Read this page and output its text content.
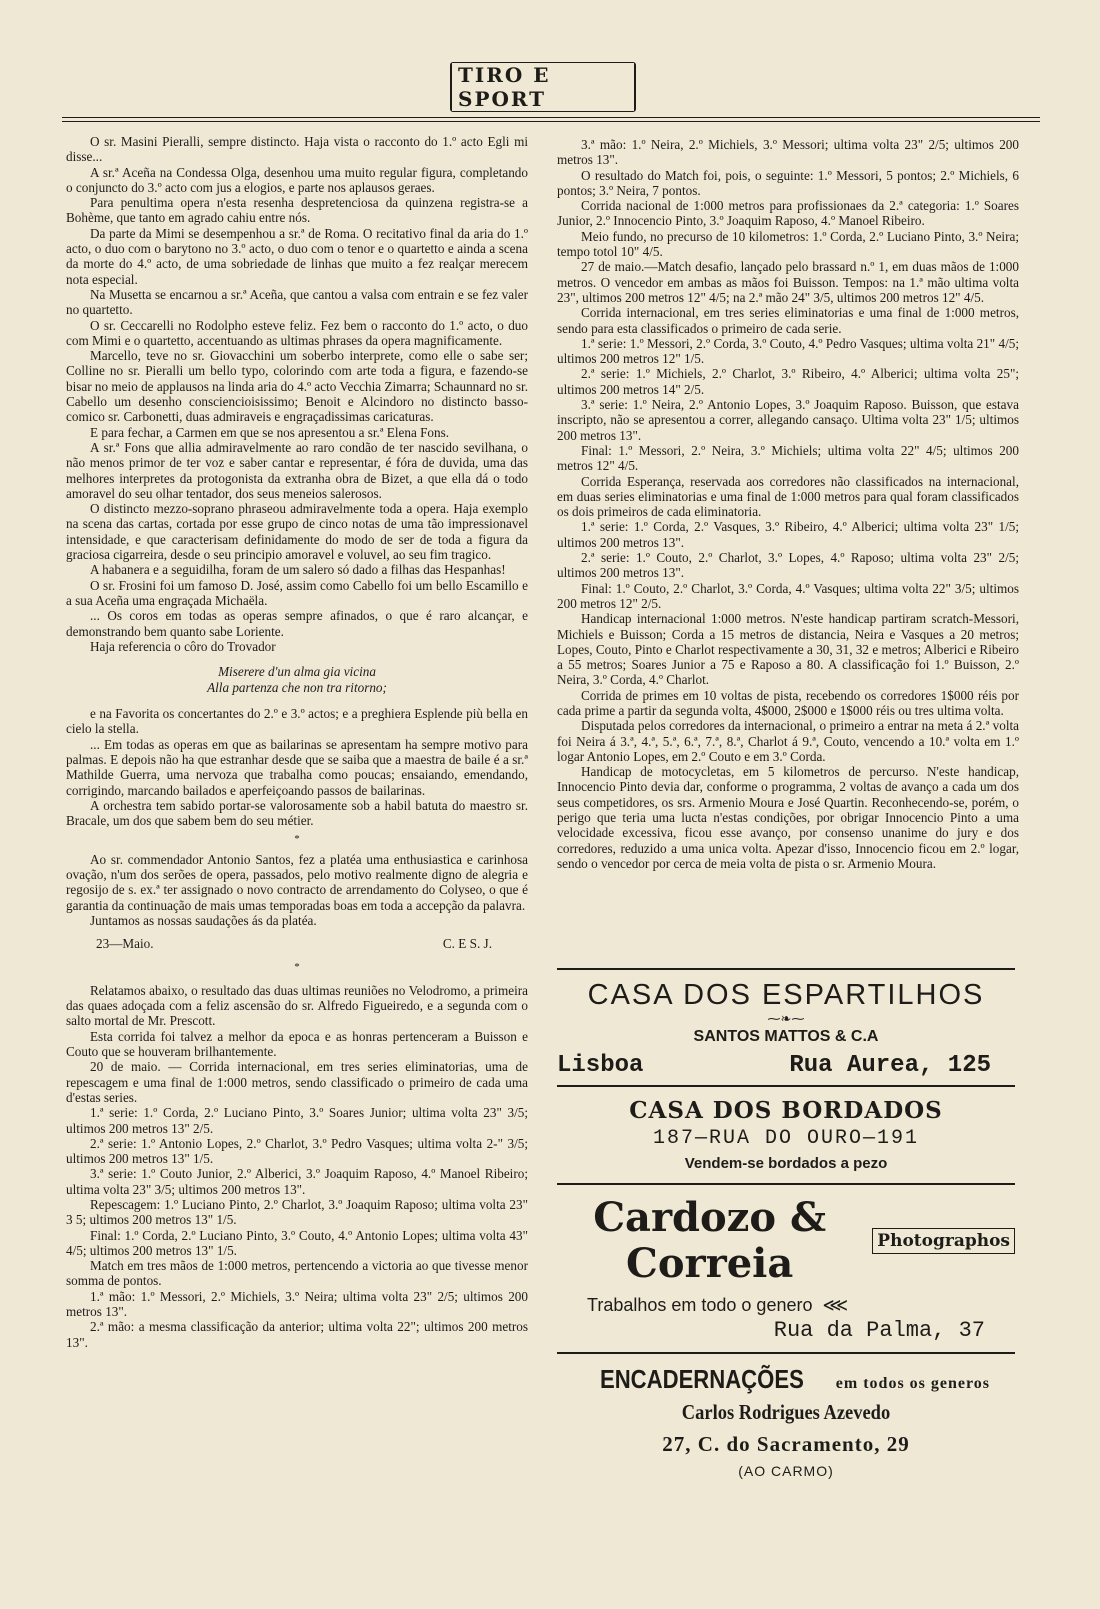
TIRO E SPORT

O sr. Masini Pieralli, sempre distincto. Haja vista o racconto do 1.º acto Egli mi disse...

A sr.ª Aceña na Condessa Olga, desenhou uma muito regular figura, completando o conjuncto do 3.º acto com jus a elogios, e parte nos aplausos geraes.

Para penultima opera n'esta resenha despretenciosa da quinzena registra-se a Bohème, que tanto em agrado cahiu entre nós.

Da parte da Mimi se desempenhou a sr.ª de Roma. O recitativo final da aria do 1.º acto, o duo com o barytono no 3.º acto, o duo com o tenor e o quartetto e ainda a scena da morte do 4.º acto, de uma sobriedade de linhas que muito a fez realçar merecem nota especial.

Na Musetta se encarnou a sr.ª Aceña, que cantou a valsa com entrain e se fez valer no quartetto.

O sr. Ceccarelli no Rodolpho esteve feliz. Fez bem o racconto do 1.º acto, o duo com Mimi e o quartetto, accentuando as ultimas phrases da opera magnificamente.

Marcello, teve no sr. Giovacchini um soberbo interprete, como elle o sabe ser; Colline no sr. Pieralli um bello typo, colorindo com arte toda a figura, e fazendo-se bisar no meio de applausos na linda aria do 4.º acto Vecchia Zimarra; Schaunnard no sr. Cabello um desenho consciencioisissimo; Benoit e Alcindoro no distincto basso-comico sr. Carbonetti, duas admiraveis e engraçadissimas caricaturas.

E para fechar, a Carmen em que se nos apresentou a sr.ª Elena Fons.

A sr.ª Fons que allia admiravelmente ao raro condão de ter nascido sevilhana, o não menos primor de ter voz e saber cantar e representar, é fóra de duvida, uma das melhores interpretes da protogonista da extranha obra de Bizet, a que ella dá o todo amoravel do seu olhar tentador, dos seus meneios salerosos.

O distincto mezzo-soprano phraseou admiravelmente toda a opera. Haja exemplo na scena das cartas, cortada por esse grupo de cinco notas de uma tão impressionavel intensidade, e que caracterisam definidamente do modo de ser de toda a figura da graciosa cigarreira, desde o seu principio amoravel e voluvel, ao seu fim tragico.

A habanera e a seguidilha, foram de um salero só dado a filhas das Hespanhas!

O sr. Frosini foi um famoso D. José, assim como Cabello foi um bello Escamillo e a sua Aceña uma engraçada Michaëla.

... Os coros em todas as operas sempre afinados, o que é raro alcançar, e demonstrando bem quanto sabe Loriente.

Haja referencia o côro do Trovador

Miserere d'un alma gia vicina
Alla partenza che non tra ritorno;

e na Favorita os concertantes do 2.º e 3.º actos; e a preghiera Esplende più bella en cielo la stella.

... Em todas as operas em que as bailarinas se apresentam ha sempre motivo para palmas. E depois não ha que estranhar desde que se saiba que a maestra de baile é a sr.ª Mathilde Guerra, uma nervoza que trabalha como poucas; ensaiando, emendando, corrigindo, marcando bailados e aperfeiçoando passos de bailarinas.

A orchestra tem sabido portar-se valorosamente sob a habil batuta do maestro sr. Bracale, um dos que sabem bem do seu métier.

*

Ao sr. commendador Antonio Santos, fez a platéa uma enthusiastica e carinhosa ovação, n'um dos serões de opera, passados, pelo motivo realmente digno de alegria e regosijo de s. ex.ª ter assignado o novo contracto de arrendamento do Colyseo, o que é garantia da continuação de mais umas temporadas boas em toda a accepção da palavra.

Juntamos as nossas saudações ás da platéa.

23—Maio.	C. E S. J.
*

Relatamos abaixo, o resultado das duas ultimas reuniões no Velodromo, a primeira das quaes adoçada com a feliz ascensão do sr. Alfredo Figueiredo, e a segunda com o salto mortal de Mr. Prescott.

Esta corrida foi talvez a melhor da epoca e as honras pertenceram a Buisson e Couto que se houveram brilhantemente.

20 de maio. — Corrida internacional, em tres series eliminatorias, uma de repescagem e uma final de 1:000 metros, sendo classificado o primeiro de cada uma d'estas series.

1.ª serie: 1.º Corda, 2.º Luciano Pinto, 3.º Soares Junior; ultima volta 23" 3/5; ultimos 200 metros 13" 2/5.

2.ª serie: 1.º Antonio Lopes, 2.º Charlot, 3.º Pedro Vasques; ultima volta 2-" 3/5; ultimos 200 metros 13" 1/5.

3.ª serie: 1.º Couto Junior, 2.º Alberici, 3.º Joaquim Raposo, 4.º Manoel Ribeiro; ultima volta 23" 3/5; ultimos 200 metros 13".

Repescagem: 1.º Luciano Pinto, 2.º Charlot, 3.º Joaquim Raposo; ultima volta 23" 3 5; ultimos 200 metros 13" 1/5.

Final: 1.º Corda, 2.º Luciano Pinto, 3.º Couto, 4.º Antonio Lopes; ultima volta 43" 4/5; ultimos 200 metros 13" 1/5.

Match em tres mãos de 1:000 metros, pertencendo a victoria ao que tivesse menor somma de pontos.

1.ª mão: 1.º Messori, 2.º Michiels, 3.º Neira; ultima volta 23" 2/5; ultimos 200 metros 13".

2.ª mão: a mesma classificação da anterior; ultima volta 22"; ultimos 200 metros 13".

3.ª mão: 1.º Neira, 2.º Michiels, 3.º Messori; ultima volta 23" 2/5; ultimos 200 metros 13".

O resultado do Match foi, pois, o seguinte: 1.º Messori, 5 pontos; 2.º Michiels, 6 pontos; 3.º Neira, 7 pontos.

Corrida nacional de 1:000 metros para profissionaes da 2.ª categoria: 1.º Soares Junior, 2.º Innocencio Pinto, 3.º Joaquim Raposo, 4.º Manoel Ribeiro.

Meio fundo, no precurso de 10 kilometros: 1.º Corda, 2.º Luciano Pinto, 3.º Neira; tempo totol 10" 4/5.

27 de maio.—Match desafio, lançado pelo brassard n.º 1, em duas mãos de 1:000 metros. O vencedor em ambas as mãos foi Buisson. Tempos: na 1.ª mão ultima volta 23", ultimos 200 metros 12" 4/5; na 2.ª mão 24" 3/5, ultimos 200 metros 12" 4/5.

Corrida internacional, em tres series eliminatorias e uma final de 1:000 metros, sendo para esta classificados o primeiro de cada serie.

1.ª serie: 1.º Messori, 2.º Corda, 3.º Couto, 4.º Pedro Vasques; ultima volta 21" 4/5; ultimos 200 metros 12" 1/5.

2.ª serie: 1.º Michiels, 2.º Charlot, 3.º Ribeiro, 4.º Alberici; ultima volta 25"; ultimos 200 metros 14" 2/5.

3.ª serie: 1.º Neira, 2.º Antonio Lopes, 3.º Joaquim Raposo. Buisson, que estava inscripto, não se apresentou a correr, allegando cansaço. Ultima volta 23" 1/5; ultimos 200 metros 13".

Final: 1.º Messori, 2.º Neira, 3.º Michiels; ultima volta 22" 4/5; ultimos 200 metros 12" 4/5.

Corrida Esperança, reservada aos corredores não classificados na internacional, em duas series eliminatorias e uma final de 1:000 metros para qual foram classificados os dois primeiros de cada eliminatoria.

1.ª serie: 1.º Corda, 2.º Vasques, 3.º Ribeiro, 4.º Alberici; ultima volta 23" 1/5; ultimos 200 metros 13".

2.ª serie: 1.º Couto, 2.º Charlot, 3.º Lopes, 4.º Raposo; ultima volta 23" 2/5; ultimos 200 metros 13".

Final: 1.º Couto, 2.º Charlot, 3.º Corda, 4.º Vasques; ultima volta 22" 3/5; ultimos 200 metros 12" 2/5.

Handicap internacional 1:000 metros. N'este handicap partiram scratch-Messori, Michiels e Buisson; Corda a 15 metros de distancia, Neira e Vasques a 20 metros; Lopes, Couto, Pinto e Charlot respectivamente a 30, 31, 32 e metros; Alberici e Ribeiro a 55 metros; Soares Junior a 75 e Raposo a 80. A classificação foi 1.º Buisson, 2.º Neira, 3.º Corda, 4.º Charlot.

Corrida de primes em 10 voltas de pista, recebendo os corredores 1$000 réis por cada prime a partir da segunda volta, 4$000, 2$000 e 1$000 réis ou tres ultima volta.

Disputada pelos corredores da internacional, o primeiro a entrar na meta á 2.ª volta foi Neira á 3.ª, 4.ª, 5.ª, 6.ª, 7.ª, 8.ª, Charlot á 9.ª, Couto, vencendo a 10.ª volta em 1.º logar Antonio Lopes, em 2.º Couto e em 3.º Corda.

Handicap de motocycletas, em 5 kilometros de percurso. N'este handicap, Innocencio Pinto devia dar, conforme o programma, 2 voltas de avanço a cada um dos seus competidores, os srs. Armenio Moura e José Quartin. Reconhecendo-se, porém, o perigo que teria uma lucta n'estas condições, por obrigar Innocencio Pinto a uma velocidade excessiva, ficou esse avanço, por consenso unanime do jury e dos corredores, reduzido a uma unica volta. Apezar d'isso, Innocencio ficou em 2.º logar, sendo o vencedor por cerca de meia volta de pista o sr. Armenio Moura.

CASA DOS ESPARTILHOS
⁓❧⁓
SANTOS MATTOS & C.A
Lisboa	Rua Aurea, 125
CASA DOS BORDADOS
187—RUA DO OURO—191
Vendem-se bordados a pezo
Cardozo & Correia	Photographos
Trabalhos em todo o genero ⋘
Rua da Palma, 37
ENCADERNAÇÕES em todos os generos
Carlos Rodrigues Azevedo
27, C. do Sacramento, 29
(AO CARMO)
